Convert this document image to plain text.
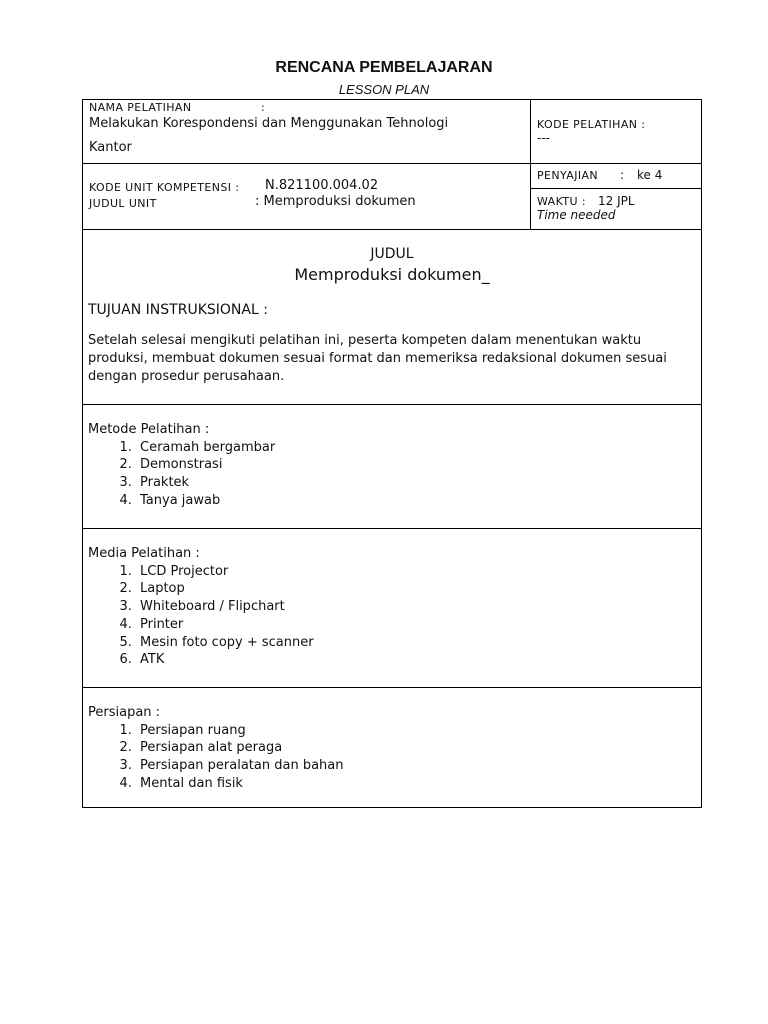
RENCANA PEMBELAJARAN
LESSON PLAN
NAMA PELATIHAN	:
Melakukan Korespondensi dan Menggunakan Tehnologi
Kantor
KODE PELATIHAN :
---
KODE UNIT KOMPETENSI : N.821100.004.02
JUDUL UNIT	: Memproduksi dokumen
PENYAJIAN : ke 4
WAKTU : 12 JPL
Time needed
JUDUL
Memproduksi dokumen_
TUJUAN INSTRUKSIONAL :
Setelah selesai mengikuti pelatihan ini, peserta kompeten dalam menentukan waktu produksi, membuat dokumen sesuai format dan memeriksa redaksional dokumen sesuai dengan prosedur perusahaan.
Metode Pelatihan :
1. Ceramah bergambar
2. Demonstrasi
3. Praktek
4. Tanya jawab
Media Pelatihan :
1. LCD Projector
2. Laptop
3. Whiteboard / Flipchart
4. Printer
5. Mesin foto copy + scanner
6. ATK
Persiapan :
1. Persiapan ruang
2. Persiapan alat peraga
3. Persiapan peralatan dan bahan
4. Mental dan fisik
